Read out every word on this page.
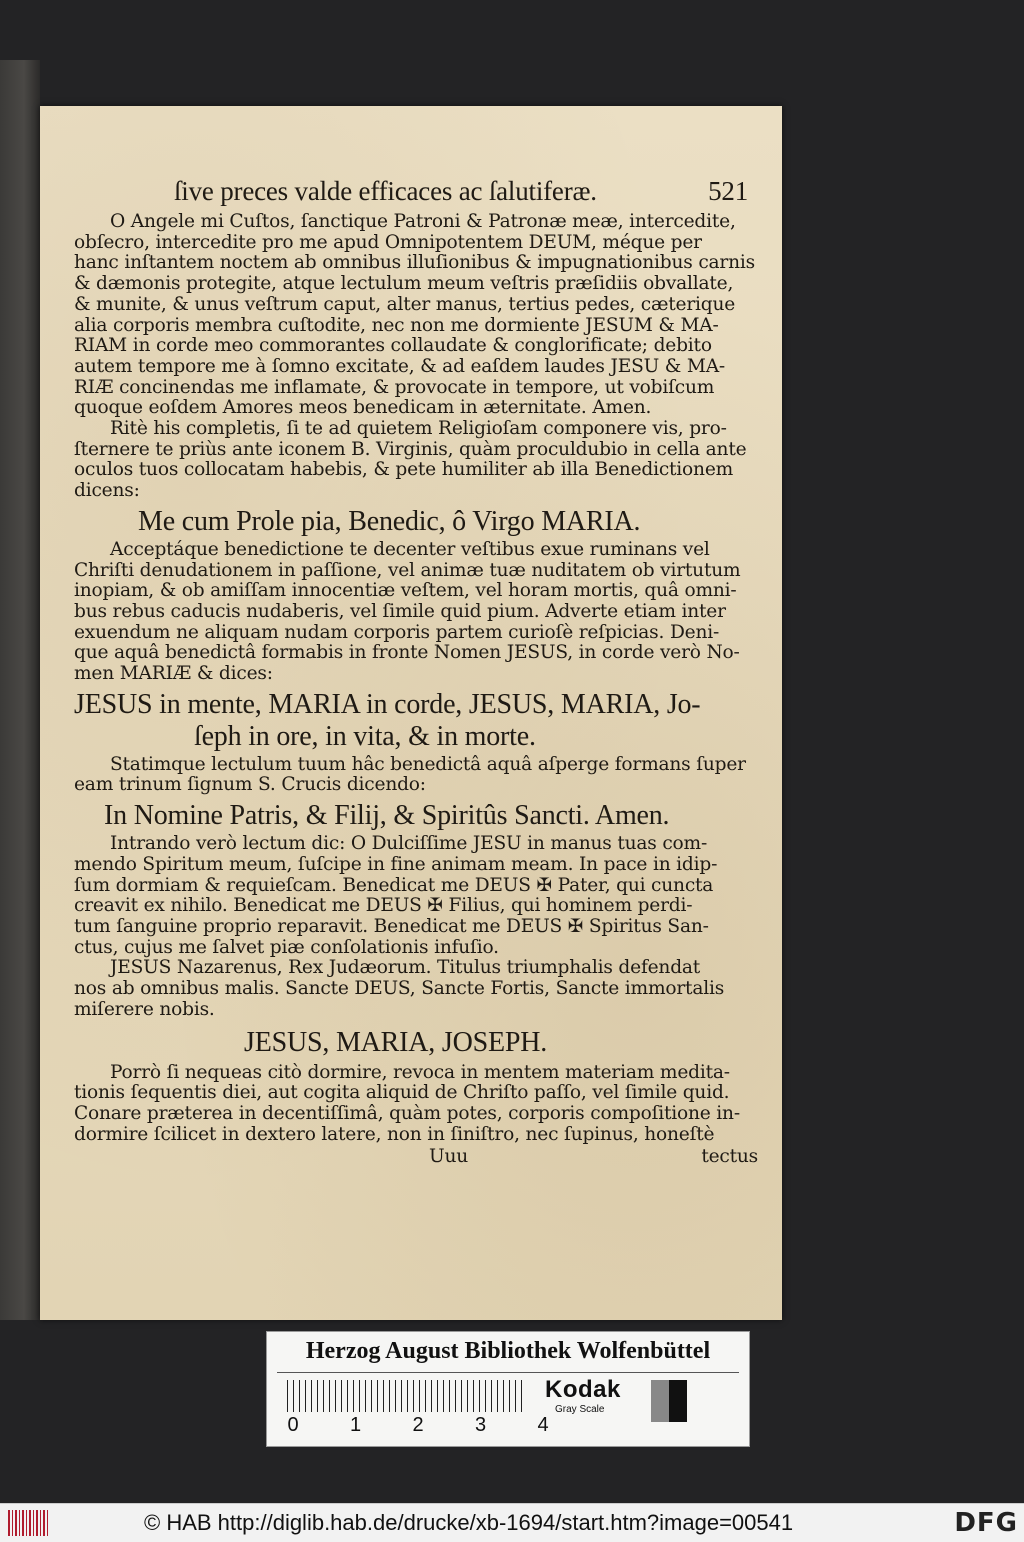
ſive preces valde efficaces ac ſalutiferæ.	521
O Angele mi Cuſtos, ſanctique Patroni & Patronæ meæ, intercedite,
obſecro, intercedite pro me apud Omnipotentem DEUM, méque per
hanc inſtantem noctem ab omnibus illuſionibus & impugnationibus carnis
& dæmonis protegite, atque lectulum meum veſtris præſidiis obvallate,
& munite, & unus veſtrum caput, alter manus, tertius pedes, cæterique
alia corporis membra cuſtodite, nec non me dormiente JESUM & MA-
RIAM in corde meo commorantes collaudate & conglorificate; debito
autem tempore me à ſomno excitate, & ad eaſdem laudes JESU & MA-
RIÆ concinendas me inflamate, & provocate in tempore, ut vobiſcum
quoque eoſdem Amores meos benedicam in æternitate. Amen.
Ritè his completis, ſi te ad quietem Religioſam componere vis, pro-
ſternere te priùs ante iconem B. Virginis, quàm proculdubio in cella ante
oculos tuos collocatam habebis, & pete humiliter ab illa Benedictionem
dicens:
Me cum Prole pia, Benedic, ô Virgo MARIA.
Acceptáque benedictione te decenter veſtibus exue ruminans vel
Chriſti denudationem in paſſione, vel animæ tuæ nuditatem ob virtutum
inopiam, & ob amiſſam innocentiæ veſtem, vel horam mortis, quâ omni-
bus rebus caducis nudaberis, vel ſimile quid pium. Adverte etiam inter
exuendum ne aliquam nudam corporis partem curioſè reſpicias. Deni-
que aquâ benedictâ formabis in fronte Nomen JESUS, in corde verò No-
men MARIÆ & dices:
JESUS in mente, MARIA in corde, JESUS, MARIA, Jo-
ſeph in ore, in vita, & in morte.
Statimque lectulum tuum hâc benedictâ aquâ aſperge formans ſuper
eam trinum ſignum S. Crucis dicendo:
In Nomine Patris, & Filij, & Spiritûs Sancti. Amen.
Intrando verò lectum dic: O Dulciſſime JESU in manus tuas com-
mendo Spiritum meum, ſuſcipe in fine animam meam. In pace in idip-
ſum dormiam & requieſcam. Benedicat me DEUS ✠ Pater, qui cuncta
creavit ex nihilo. Benedicat me DEUS ✠ Filius, qui hominem perdi-
tum ſanguine proprio reparavit. Benedicat me DEUS ✠ Spiritus San-
ctus, cujus me ſalvet piæ conſolationis infuſio.
JESUS Nazarenus, Rex Judæorum. Titulus triumphalis defendat
nos ab omnibus malis. Sancte DEUS, Sancte Fortis, Sancte immortalis
miſerere nobis.
JESUS, MARIA, JOSEPH.
Porrò ſi nequeas citò dormire, revoca in mentem materiam medita-
tionis ſequentis diei, aut cogita aliquid de Chriſto paſſo, vel ſimile quid.
Conare præterea in decentiſſimâ, quàm potes, corporis compoſitione in-
dormire ſcilicet in dextero latere, non in ſiniſtro, nec ſupinus, honeſtè
Uuu	tectus
Herzog August Bibliothek Wolfenbüttel
0	1	2	3	4
Kodak
Gray Scale
© HAB http://diglib.hab.de/drucke/xb-1694/start.htm?image=00541	DFG
